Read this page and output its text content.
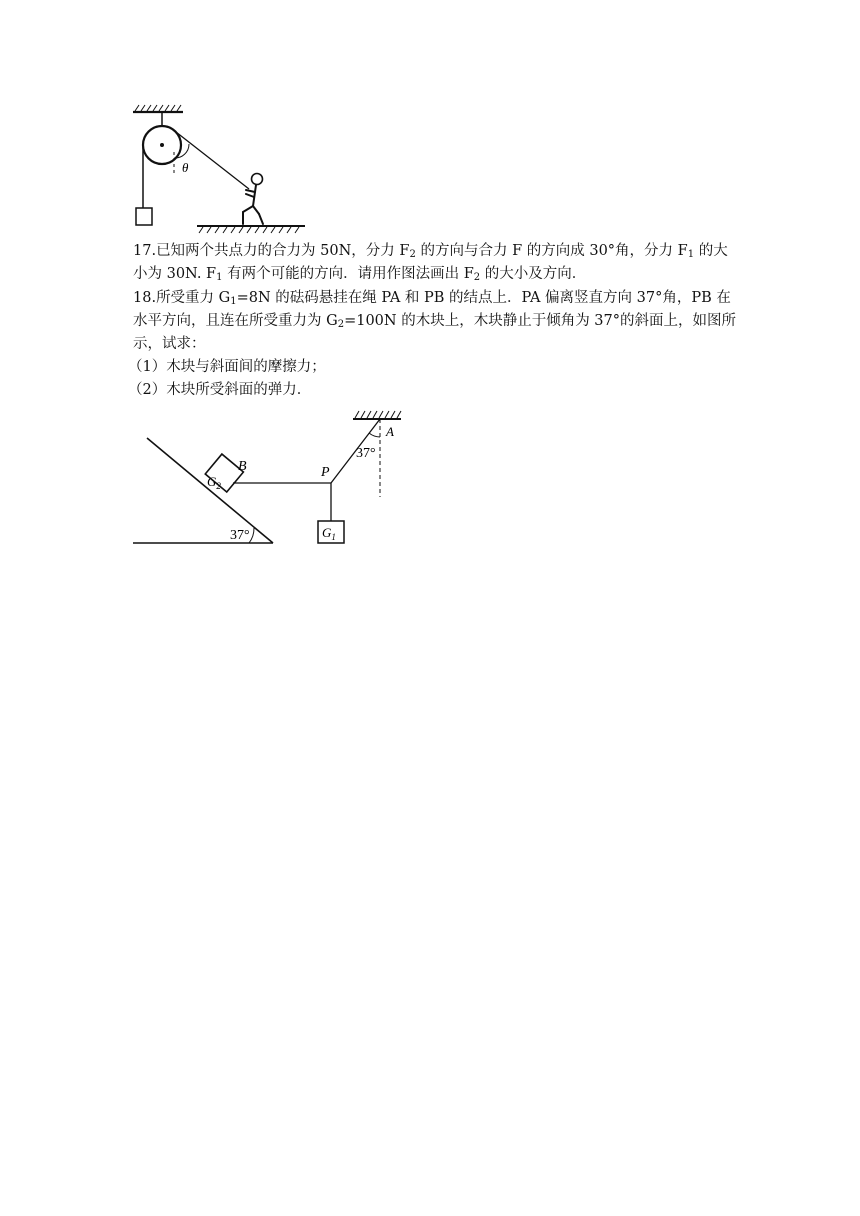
θ
17.已知两个共点力的合力为 50N，分力 $F_2$ 的方向与合力 F 的方向成 30°角，分力 $F_1$ 的大
小为 30N. $F_1$ 有两个可能的方向．请用作图法画出 $F_2$ 的大小及方向．
18.所受重力 $G_1=8N$ 的砝码悬挂在绳 PA 和 PB 的结点上．PA 偏离竖直方向 37°角，PB 在
水平方向，且连在所受重力为 $G_2=100N$ 的木块上，木块静止于倾角为 37°的斜面上，如图所
示，试求：
（1）木块与斜面间的摩擦力；
（2）木块所受斜面的弹力．
37°
$G_2$
B	P
$G_1$
A
37°
